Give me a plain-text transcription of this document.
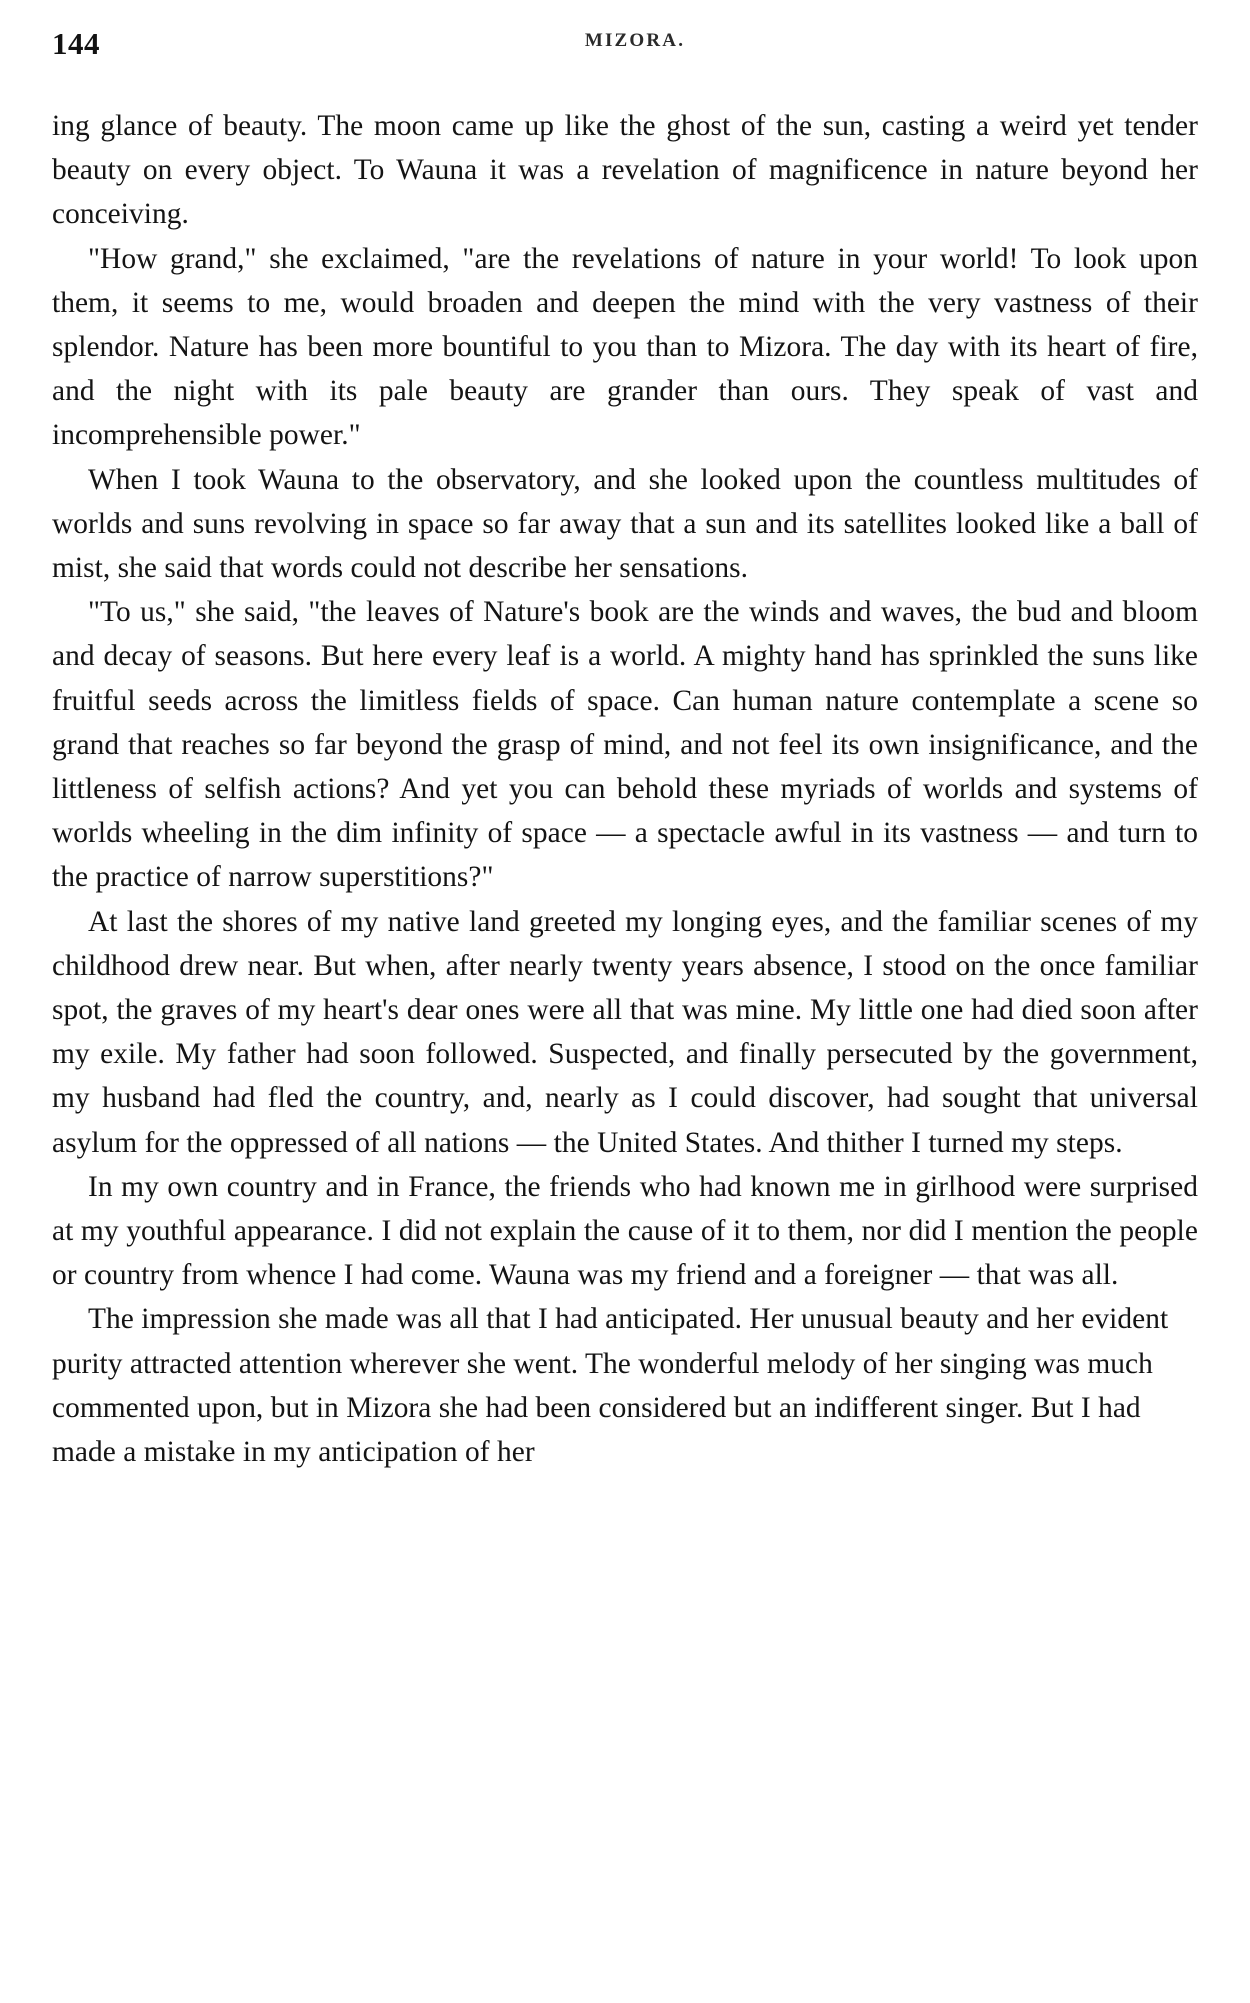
144	MIZORA.

ing glance of beauty. The moon came up like the ghost of the sun, casting a weird yet tender beauty on every object. To Wauna it was a revelation of magnificence in nature beyond her conceiving.

"How grand," she exclaimed, "are the revelations of nature in your world! To look upon them, it seems to me, would broaden and deepen the mind with the very vastness of their splendor. Nature has been more bountiful to you than to Mizora. The day with its heart of fire, and the night with its pale beauty are grander than ours. They speak of vast and incomprehensible power."

When I took Wauna to the observatory, and she looked upon the countless multitudes of worlds and suns revolving in space so far away that a sun and its satellites looked like a ball of mist, she said that words could not describe her sensations.

"To us," she said, "the leaves of Nature's book are the winds and waves, the bud and bloom and decay of seasons. But here every leaf is a world. A mighty hand has sprinkled the suns like fruitful seeds across the limitless fields of space. Can human nature contemplate a scene so grand that reaches so far beyond the grasp of mind, and not feel its own insignificance, and the littleness of selfish actions? And yet you can behold these myriads of worlds and systems of worlds wheeling in the dim infinity of space — a spectacle awful in its vastness — and turn to the practice of narrow superstitions?"

At last the shores of my native land greeted my longing eyes, and the familiar scenes of my childhood drew near. But when, after nearly twenty years absence, I stood on the once familiar spot, the graves of my heart's dear ones were all that was mine. My little one had died soon after my exile. My father had soon followed. Suspected, and finally persecuted by the government, my husband had fled the country, and, nearly as I could discover, had sought that universal asylum for the oppressed of all nations — the United States. And thither I turned my steps.

In my own country and in France, the friends who had known me in girlhood were surprised at my youthful appearance. I did not explain the cause of it to them, nor did I mention the people or country from whence I had come. Wauna was my friend and a foreigner — that was all.

The impression she made was all that I had anticipated. Her unusual beauty and her evident purity attracted attention wherever she went. The wonderful melody of her singing was much commented upon, but in Mizora she had been considered but an indifferent singer. But I had made a mistake in my anticipation of her
